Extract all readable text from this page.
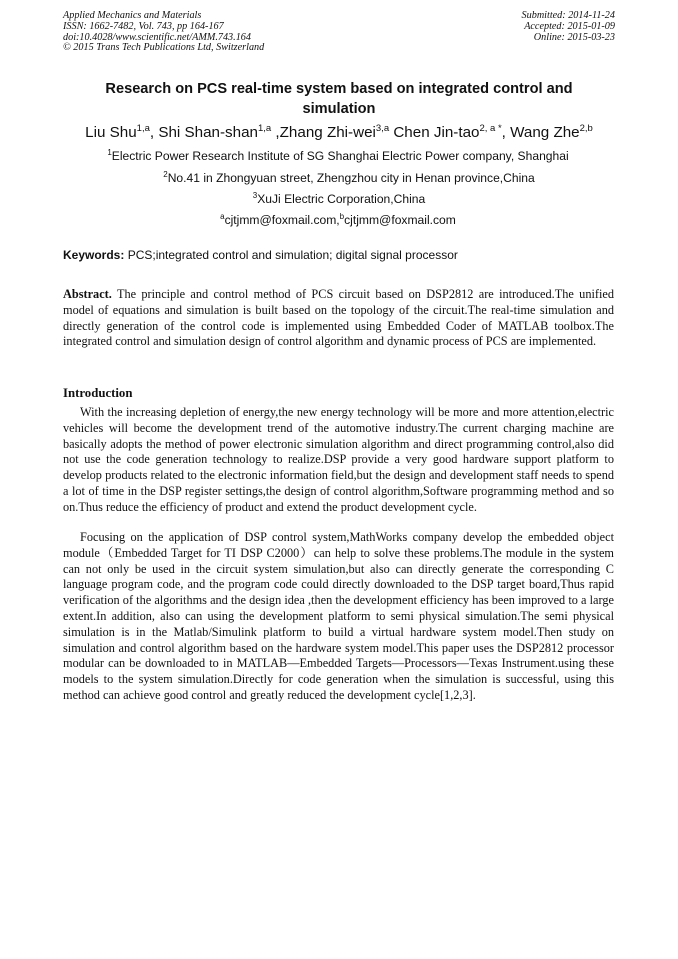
Applied Mechanics and Materials
ISSN: 1662-7482, Vol. 743, pp 164-167
doi:10.4028/www.scientific.net/AMM.743.164
© 2015 Trans Tech Publications Ltd, Switzerland
Submitted: 2014-11-24
Accepted: 2015-01-09
Online: 2015-03-23
Research on PCS real-time system based on integrated control and simulation
Liu Shu$^{1,a}$, Shi Shan-shan$^{1,a}$ ,Zhang Zhi-wei$^{3,a}$ Chen Jin-tao$^{2, a *}$, Wang Zhe$^{2,b}$
$^1$Electric Power Research Institute of SG Shanghai Electric Power company, Shanghai
$^2$No.41 in Zhongyuan street, Zhengzhou city in Henan province,China
$^3$XuJi Electric Corporation,China
$^a$cjtjmm@foxmail.com,$^b$cjtjmm@foxmail.com
Keywords: PCS;integrated control and simulation; digital signal processor
Abstract. The principle and control method of PCS circuit based on DSP2812 are introduced.The unified model of equations and simulation is built based on the topology of the circuit.The real-time simulation and directly generation of the control code is implemented using Embedded Coder of MATLAB toolbox.The integrated control and simulation design of control algorithm and dynamic process of PCS are implemented.
Introduction

With the increasing depletion of energy,the new energy technology will be more and more attention,electric vehicles will become the development trend of the automotive industry.The current charging machine are basically adopts the method of power electronic simulation algorithm and direct programming control,also did not use the code generation technology to realize.DSP provide a very good hardware support platform to develop products related to the electronic information field,but the design and development staff needs to spend a lot of time in the DSP register settings,the design of control algorithm,Software programming method and so on.Thus reduce the efficiency of product and extend the product development cycle.

Focusing on the application of DSP control system,MathWorks company develop the embedded object module（Embedded Target for TI DSP C2000）can help to solve these problems.The module in the system can not only be used in the circuit system simulation,but also can directly generate the corresponding C language program code, and the program code could directly downloaded to the DSP target board,Thus rapid verification of the algorithms and the design idea ,then the development efficiency has been improved to a large extent.In addition, also can using the development platform to semi physical simulation.The semi physical simulation is in the Matlab/Simulink platform to build a virtual hardware system model.Then study on simulation and control algorithm based on the hardware system model.This paper uses the DSP2812 processor modular can be downloaded to in MATLAB—Embedded Targets—Processors—Texas Instrument.using these models to the system simulation.Directly for code generation when the simulation is successful, using this method can achieve good control and greatly reduced the development cycle[1,2,3].
